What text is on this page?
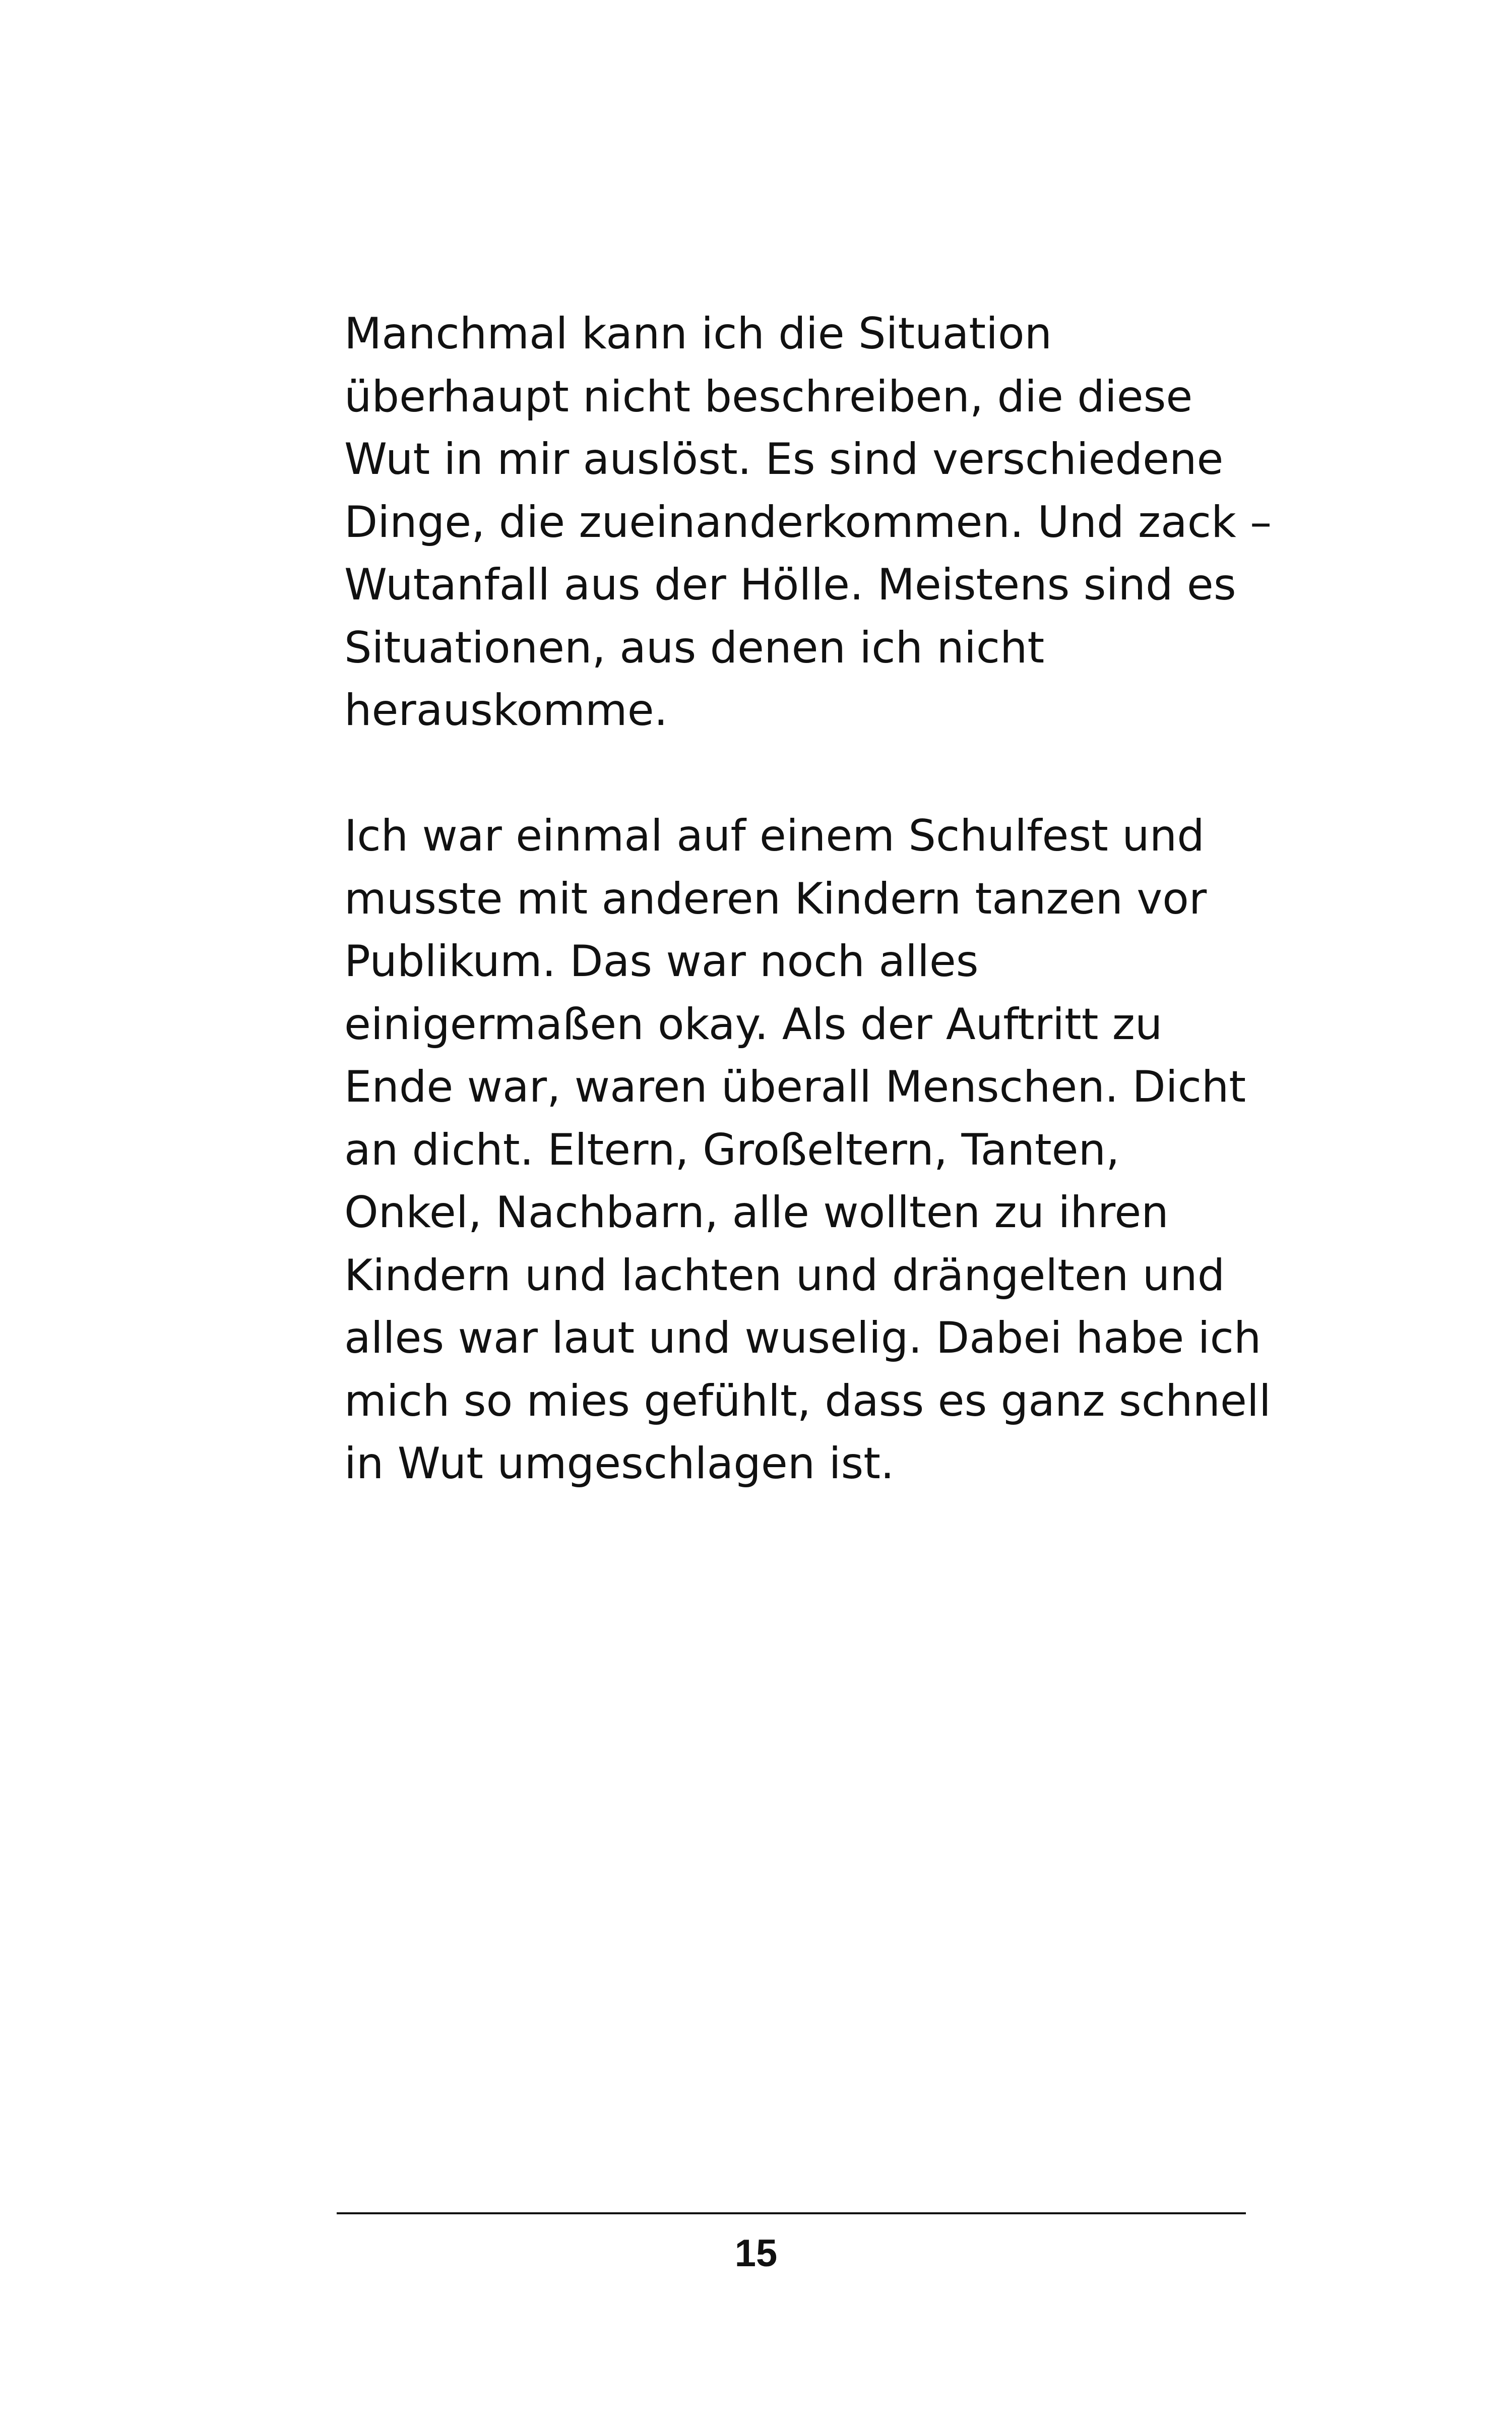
Manchmal kann ich die Situation
überhaupt nicht beschreiben, die diese
Wut in mir auslöst. Es sind verschiedene
Dinge, die zueinanderkommen. Und zack –
Wutanfall aus der Hölle. Meistens sind es
Situationen, aus denen ich nicht
herauskomme.

Ich war einmal auf einem Schulfest und
musste mit anderen Kindern tanzen vor
Publikum. Das war noch alles
einigermaßen okay. Als der Auftritt zu
Ende war, waren überall Menschen. Dicht
an dicht. Eltern, Großeltern, Tanten,
Onkel, Nachbarn, alle wollten zu ihren
Kindern und lachten und drängelten und
alles war laut und wuselig. Dabei habe ich
mich so mies gefühlt, dass es ganz schnell
in Wut umgeschlagen ist.

15
